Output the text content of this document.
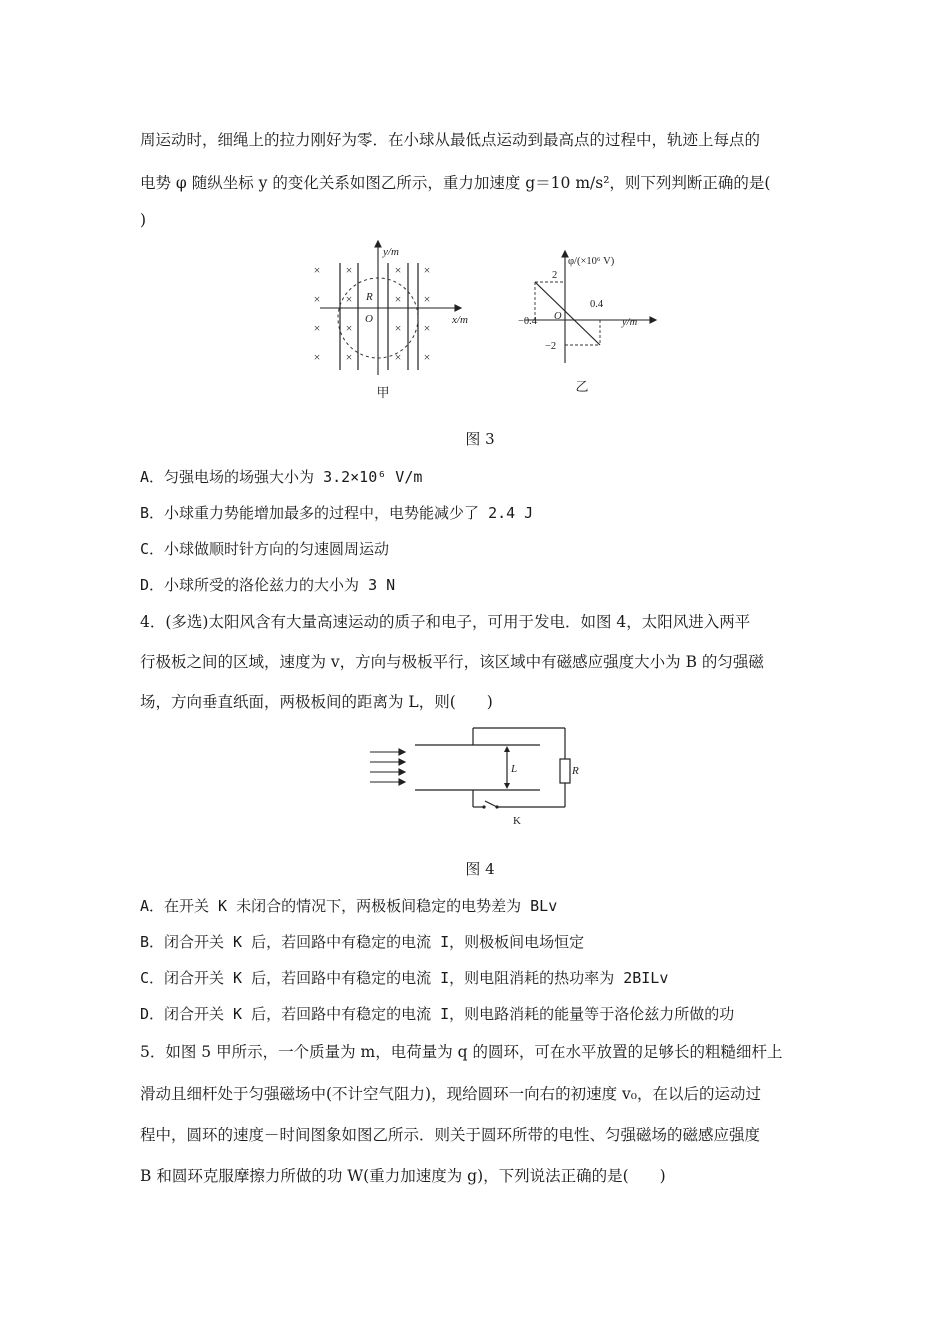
周运动时，细绳上的拉力刚好为零．在小球从最低点运动到最高点的过程中，轨迹上每点的
电势 φ 随纵坐标 y 的变化关系如图乙所示，重力加速度 g＝10 m/s²，则下列判断正确的是(
)
×
×
×
×
×
×
×
×
×
×
×
×
×
×
×
×
y/m
x/m
R
O
甲
φ/(×10⁶ V)
y/m
2
0.4
−0.4
−2
O
乙
图 3
A．匀强电场的场强大小为 3.2×10⁶ V/m
B．小球重力势能增加最多的过程中，电势能减少了 2.4 J
C．小球做顺时针方向的匀速圆周运动
D．小球所受的洛伦兹力的大小为 3 N
4．(多选)太阳风含有大量高速运动的质子和电子，可用于发电．如图 4，太阳风进入两平
行极板之间的区域，速度为 v，方向与极板平行，该区域中有磁感应强度大小为 B 的匀强磁
场，方向垂直纸面，两极板间的距离为 L，则(　　)
L	R
K
图 4
A．在开关 K 未闭合的情况下，两极板间稳定的电势差为 BLv
B．闭合开关 K 后，若回路中有稳定的电流 I，则极板间电场恒定
C．闭合开关 K 后，若回路中有稳定的电流 I，则电阻消耗的热功率为 2BILv
D．闭合开关 K 后，若回路中有稳定的电流 I，则电路消耗的能量等于洛伦兹力所做的功
5．如图 5 甲所示，一个质量为 m，电荷量为 q 的圆环，可在水平放置的足够长的粗糙细杆上
滑动且细杆处于匀强磁场中(不计空气阻力)，现给圆环一向右的初速度 v₀，在以后的运动过
程中，圆环的速度－时间图象如图乙所示．则关于圆环所带的电性、匀强磁场的磁感应强度
B 和圆环克服摩擦力所做的功 W(重力加速度为 g)，下列说法正确的是(　　)
